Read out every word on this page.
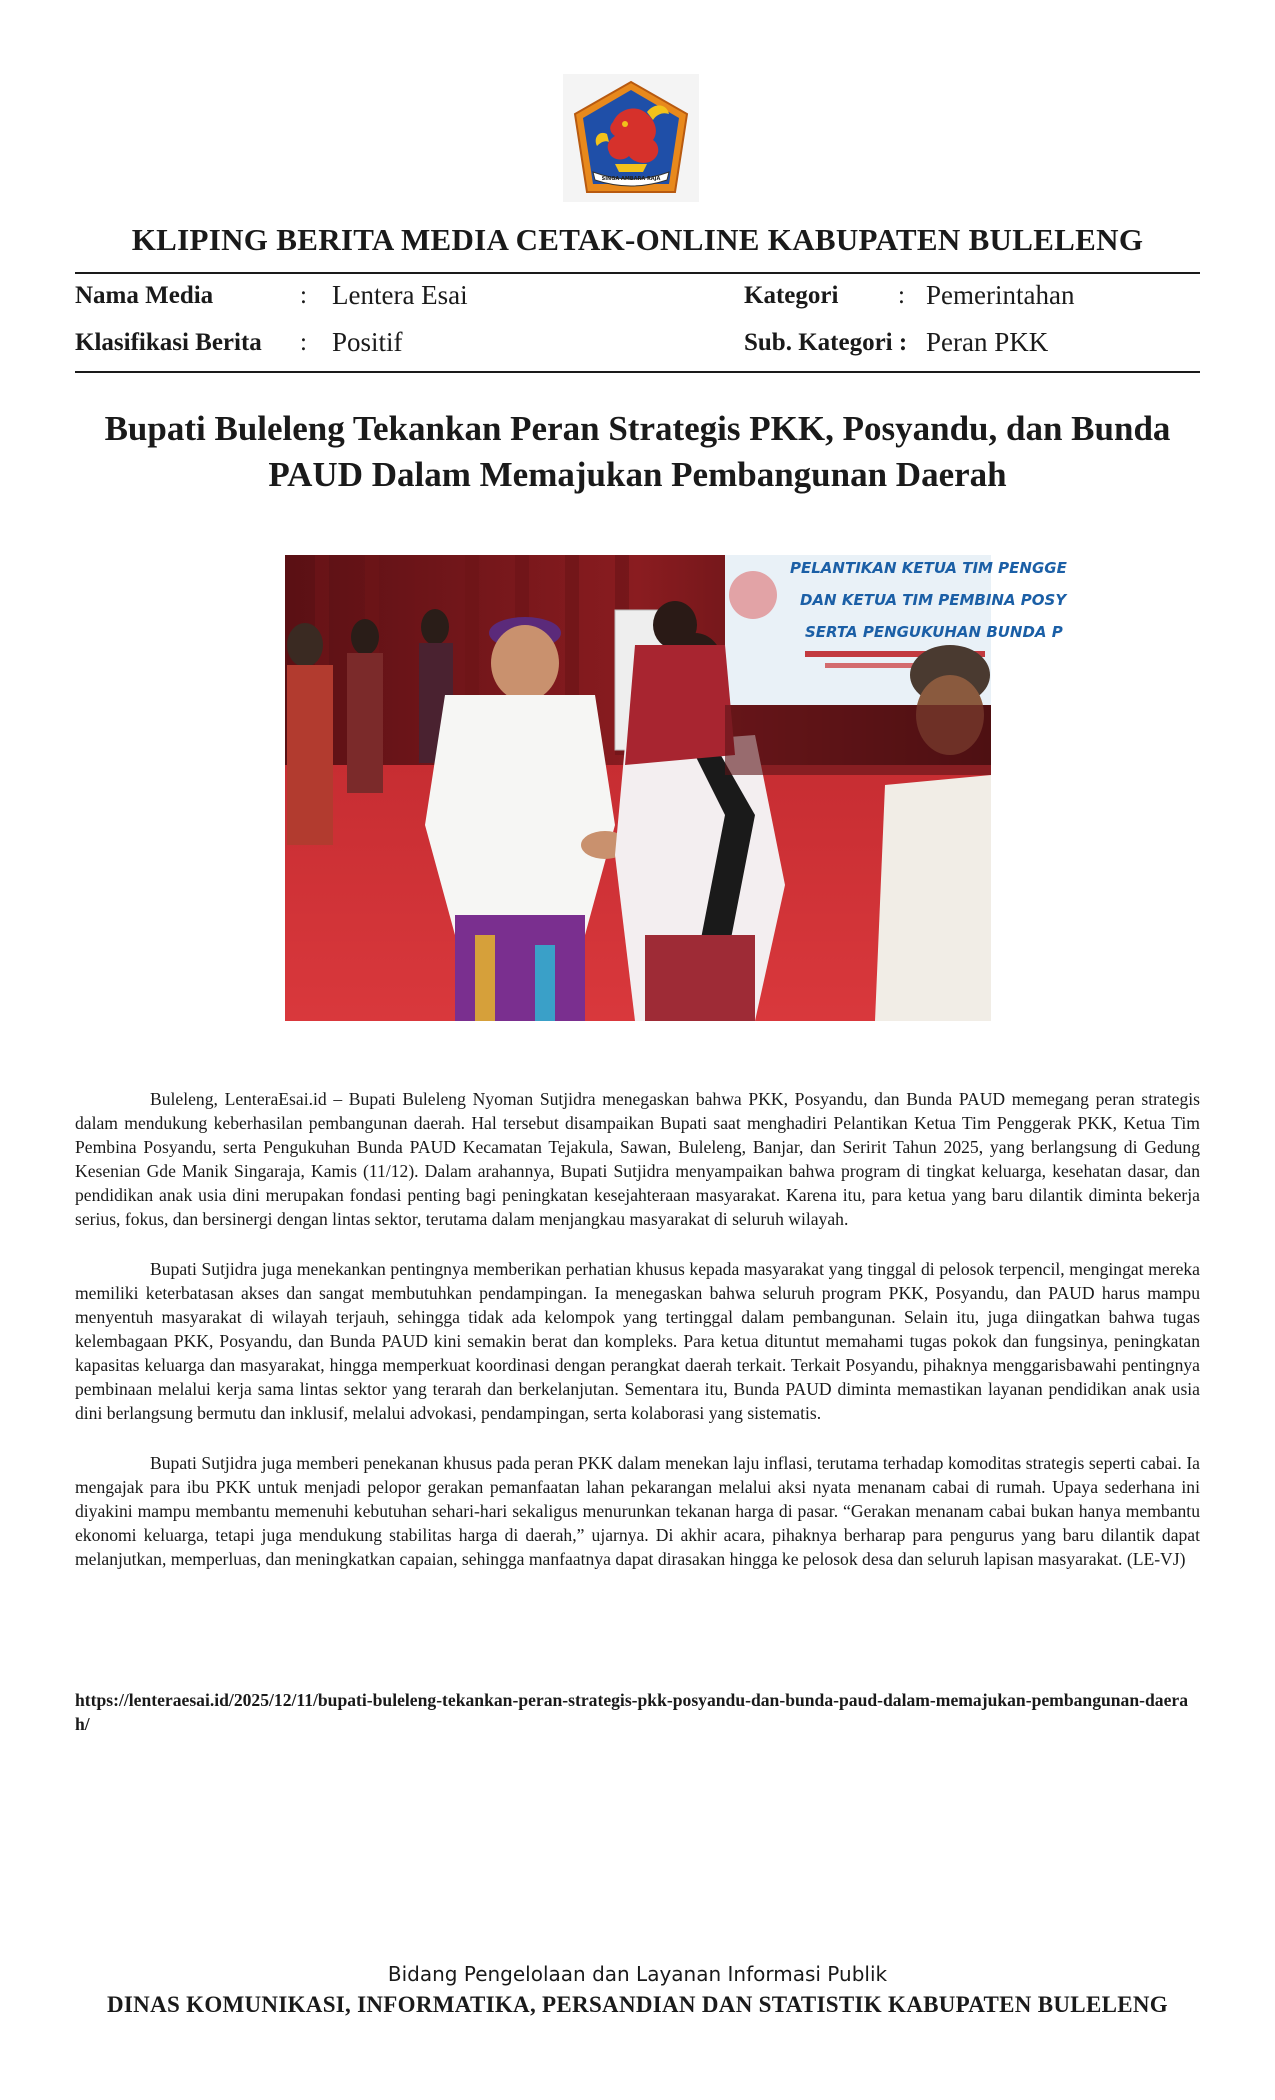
SINGA AMBARA RAJA
KLIPING BERITA MEDIA CETAK-ONLINE KABUPATEN BULELENG
Nama Media	: Lentera Esai
Klasifikasi Berita : Positif
Kategori : Pemerintahan
Sub. Kategori : Peran PKK
Bupati Buleleng Tekankan Peran Strategis PKK, Posyandu, dan Bunda PAUD Dalam Memajukan Pembangunan Daerah
PELANTIKAN KETUA TIM PENGGE
DAN KETUA TIM PEMBINA POSY
SERTA PENGUKUHAN BUNDA P

Buleleng, LenteraEsai.id – Bupati Buleleng Nyoman Sutjidra menegaskan bahwa PKK, Posyandu, dan Bunda PAUD memegang peran strategis dalam mendukung keberhasilan pembangunan daerah. Hal tersebut disampaikan Bupati saat menghadiri Pelantikan Ketua Tim Penggerak PKK, Ketua Tim Pembina Posyandu, serta Pengukuhan Bunda PAUD Kecamatan Tejakula, Sawan, Buleleng, Banjar, dan Seririt Tahun 2025, yang berlangsung di Gedung Kesenian Gde Manik Singaraja, Kamis (11/12). Dalam arahannya, Bupati Sutjidra menyampaikan bahwa program di tingkat keluarga, kesehatan dasar, dan pendidikan anak usia dini merupakan fondasi penting bagi peningkatan kesejahteraan masyarakat. Karena itu, para ketua yang baru dilantik diminta bekerja serius, fokus, dan bersinergi dengan lintas sektor, terutama dalam menjangkau masyarakat di seluruh wilayah.

Bupati Sutjidra juga menekankan pentingnya memberikan perhatian khusus kepada masyarakat yang tinggal di pelosok terpencil, mengingat mereka memiliki keterbatasan akses dan sangat membutuhkan pendampingan. Ia menegaskan bahwa seluruh program PKK, Posyandu, dan PAUD harus mampu menyentuh masyarakat di wilayah terjauh, sehingga tidak ada kelompok yang tertinggal dalam pembangunan. Selain itu, juga diingatkan bahwa tugas kelembagaan PKK, Posyandu, dan Bunda PAUD kini semakin berat dan kompleks. Para ketua dituntut memahami tugas pokok dan fungsinya, peningkatan kapasitas keluarga dan masyarakat, hingga memperkuat koordinasi dengan perangkat daerah terkait. Terkait Posyandu, pihaknya menggarisbawahi pentingnya pembinaan melalui kerja sama lintas sektor yang terarah dan berkelanjutan. Sementara itu, Bunda PAUD diminta memastikan layanan pendidikan anak usia dini berlangsung bermutu dan inklusif, melalui advokasi, pendampingan, serta kolaborasi yang sistematis.

Bupati Sutjidra juga memberi penekanan khusus pada peran PKK dalam menekan laju inflasi, terutama terhadap komoditas strategis seperti cabai. Ia mengajak para ibu PKK untuk menjadi pelopor gerakan pemanfaatan lahan pekarangan melalui aksi nyata menanam cabai di rumah. Upaya sederhana ini diyakini mampu membantu memenuhi kebutuhan sehari-hari sekaligus menurunkan tekanan harga di pasar. “Gerakan menanam cabai bukan hanya membantu ekonomi keluarga, tetapi juga mendukung stabilitas harga di daerah,” ujarnya. Di akhir acara, pihaknya berharap para pengurus yang baru dilantik dapat melanjutkan, memperluas, dan meningkatkan capaian, sehingga manfaatnya dapat dirasakan hingga ke pelosok desa dan seluruh lapisan masyarakat. (LE-VJ)

https://lenteraesai.id/2025/12/11/bupati-buleleng-tekankan-peran-strategis-pkk-posyandu-dan-bunda-paud-dalam-memajukan-pembangunan-daerah/
Bidang Pengelolaan dan Layanan Informasi Publik
DINAS KOMUNIKASI, INFORMATIKA, PERSANDIAN DAN STATISTIK KABUPATEN BULELENG
